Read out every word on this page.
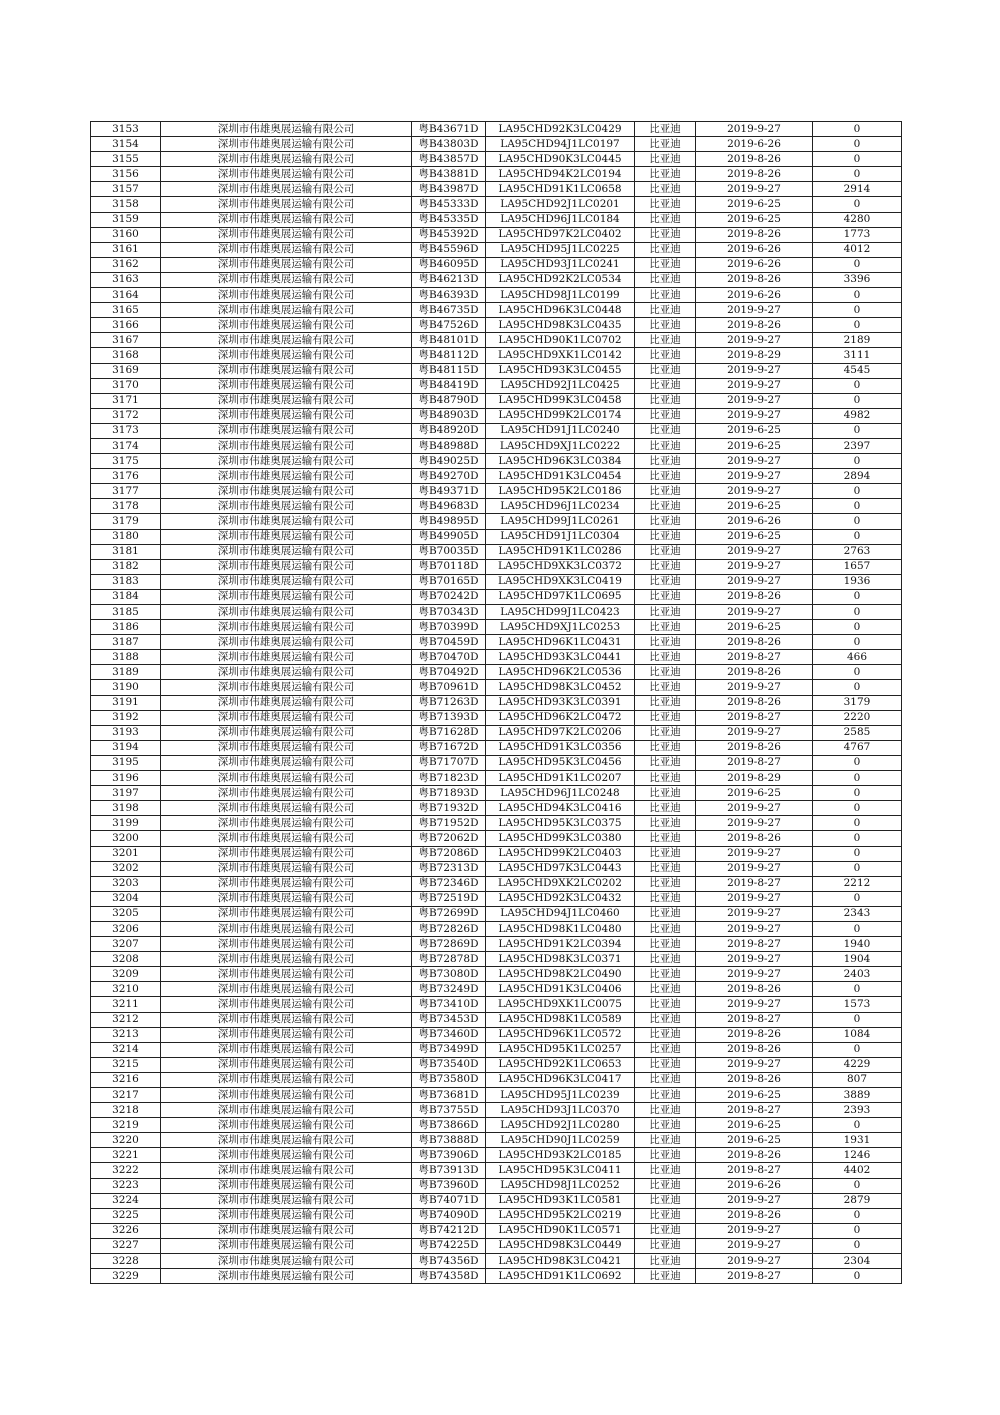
3153	深圳市伟雄奥展运输有限公司	粤B43671D	LA95CHD92K3LC0429	比亚迪	2019-9-27	0
3154	深圳市伟雄奥展运输有限公司	粤B43803D	LA95CHD94J1LC0197	比亚迪	2019-6-26	0
3155	深圳市伟雄奥展运输有限公司	粤B43857D	LA95CHD90K3LC0445	比亚迪	2019-8-26	0
3156	深圳市伟雄奥展运输有限公司	粤B43881D	LA95CHD94K2LC0194	比亚迪	2019-8-26	0
3157	深圳市伟雄奥展运输有限公司	粤B43987D	LA95CHD91K1LC0658	比亚迪	2019-9-27	2914
3158	深圳市伟雄奥展运输有限公司	粤B45333D	LA95CHD92J1LC0201	比亚迪	2019-6-25	0
3159	深圳市伟雄奥展运输有限公司	粤B45335D	LA95CHD96J1LC0184	比亚迪	2019-6-25	4280
3160	深圳市伟雄奥展运输有限公司	粤B45392D	LA95CHD97K2LC0402	比亚迪	2019-8-26	1773
3161	深圳市伟雄奥展运输有限公司	粤B45596D	LA95CHD95J1LC0225	比亚迪	2019-6-26	4012
3162	深圳市伟雄奥展运输有限公司	粤B46095D	LA95CHD93J1LC0241	比亚迪	2019-6-26	0
3163	深圳市伟雄奥展运输有限公司	粤B46213D	LA95CHD92K2LC0534	比亚迪	2019-8-26	3396
3164	深圳市伟雄奥展运输有限公司	粤B46393D	LA95CHD98J1LC0199	比亚迪	2019-6-26	0
3165	深圳市伟雄奥展运输有限公司	粤B46735D	LA95CHD96K3LC0448	比亚迪	2019-9-27	0
3166	深圳市伟雄奥展运输有限公司	粤B47526D	LA95CHD98K3LC0435	比亚迪	2019-8-26	0
3167	深圳市伟雄奥展运输有限公司	粤B48101D	LA95CHD90K1LC0702	比亚迪	2019-9-27	2189
3168	深圳市伟雄奥展运输有限公司	粤B48112D	LA95CHD9XK1LC0142	比亚迪	2019-8-29	3111
3169	深圳市伟雄奥展运输有限公司	粤B48115D	LA95CHD93K3LC0455	比亚迪	2019-9-27	4545
3170	深圳市伟雄奥展运输有限公司	粤B48419D	LA95CHD92J1LC0425	比亚迪	2019-9-27	0
3171	深圳市伟雄奥展运输有限公司	粤B48790D	LA95CHD99K3LC0458	比亚迪	2019-9-27	0
3172	深圳市伟雄奥展运输有限公司	粤B48903D	LA95CHD99K2LC0174	比亚迪	2019-9-27	4982
3173	深圳市伟雄奥展运输有限公司	粤B48920D	LA95CHD91J1LC0240	比亚迪	2019-6-25	0
3174	深圳市伟雄奥展运输有限公司	粤B48988D	LA95CHD9XJ1LC0222	比亚迪	2019-6-25	2397
3175	深圳市伟雄奥展运输有限公司	粤B49025D	LA95CHD96K3LC0384	比亚迪	2019-9-27	0
3176	深圳市伟雄奥展运输有限公司	粤B49270D	LA95CHD91K3LC0454	比亚迪	2019-9-27	2894
3177	深圳市伟雄奥展运输有限公司	粤B49371D	LA95CHD95K2LC0186	比亚迪	2019-9-27	0
3178	深圳市伟雄奥展运输有限公司	粤B49683D	LA95CHD96J1LC0234	比亚迪	2019-6-25	0
3179	深圳市伟雄奥展运输有限公司	粤B49895D	LA95CHD99J1LC0261	比亚迪	2019-6-26	0
3180	深圳市伟雄奥展运输有限公司	粤B49905D	LA95CHD91J1LC0304	比亚迪	2019-6-25	0
3181	深圳市伟雄奥展运输有限公司	粤B70035D	LA95CHD91K1LC0286	比亚迪	2019-9-27	2763
3182	深圳市伟雄奥展运输有限公司	粤B70118D	LA95CHD9XK3LC0372	比亚迪	2019-9-27	1657
3183	深圳市伟雄奥展运输有限公司	粤B70165D	LA95CHD9XK3LC0419	比亚迪	2019-9-27	1936
3184	深圳市伟雄奥展运输有限公司	粤B70242D	LA95CHD97K1LC0695	比亚迪	2019-8-26	0
3185	深圳市伟雄奥展运输有限公司	粤B70343D	LA95CHD99J1LC0423	比亚迪	2019-9-27	0
3186	深圳市伟雄奥展运输有限公司	粤B70399D	LA95CHD9XJ1LC0253	比亚迪	2019-6-25	0
3187	深圳市伟雄奥展运输有限公司	粤B70459D	LA95CHD96K1LC0431	比亚迪	2019-8-26	0
3188	深圳市伟雄奥展运输有限公司	粤B70470D	LA95CHD93K3LC0441	比亚迪	2019-8-27	466
3189	深圳市伟雄奥展运输有限公司	粤B70492D	LA95CHD96K2LC0536	比亚迪	2019-8-26	0
3190	深圳市伟雄奥展运输有限公司	粤B70961D	LA95CHD98K3LC0452	比亚迪	2019-9-27	0
3191	深圳市伟雄奥展运输有限公司	粤B71263D	LA95CHD93K3LC0391	比亚迪	2019-8-26	3179
3192	深圳市伟雄奥展运输有限公司	粤B71393D	LA95CHD96K2LC0472	比亚迪	2019-8-27	2220
3193	深圳市伟雄奥展运输有限公司	粤B71628D	LA95CHD97K2LC0206	比亚迪	2019-9-27	2585
3194	深圳市伟雄奥展运输有限公司	粤B71672D	LA95CHD91K3LC0356	比亚迪	2019-8-26	4767
3195	深圳市伟雄奥展运输有限公司	粤B71707D	LA95CHD95K3LC0456	比亚迪	2019-8-27	0
3196	深圳市伟雄奥展运输有限公司	粤B71823D	LA95CHD91K1LC0207	比亚迪	2019-8-29	0
3197	深圳市伟雄奥展运输有限公司	粤B71893D	LA95CHD96J1LC0248	比亚迪	2019-6-25	0
3198	深圳市伟雄奥展运输有限公司	粤B71932D	LA95CHD94K3LC0416	比亚迪	2019-9-27	0
3199	深圳市伟雄奥展运输有限公司	粤B71952D	LA95CHD95K3LC0375	比亚迪	2019-9-27	0
3200	深圳市伟雄奥展运输有限公司	粤B72062D	LA95CHD99K3LC0380	比亚迪	2019-8-26	0
3201	深圳市伟雄奥展运输有限公司	粤B72086D	LA95CHD99K2LC0403	比亚迪	2019-9-27	0
3202	深圳市伟雄奥展运输有限公司	粤B72313D	LA95CHD97K3LC0443	比亚迪	2019-9-27	0
3203	深圳市伟雄奥展运输有限公司	粤B72346D	LA95CHD9XK2LC0202	比亚迪	2019-8-27	2212
3204	深圳市伟雄奥展运输有限公司	粤B72519D	LA95CHD92K3LC0432	比亚迪	2019-9-27	0
3205	深圳市伟雄奥展运输有限公司	粤B72699D	LA95CHD94J1LC0460	比亚迪	2019-9-27	2343
3206	深圳市伟雄奥展运输有限公司	粤B72826D	LA95CHD98K1LC0480	比亚迪	2019-9-27	0
3207	深圳市伟雄奥展运输有限公司	粤B72869D	LA95CHD91K2LC0394	比亚迪	2019-8-27	1940
3208	深圳市伟雄奥展运输有限公司	粤B72878D	LA95CHD98K3LC0371	比亚迪	2019-9-27	1904
3209	深圳市伟雄奥展运输有限公司	粤B73080D	LA95CHD98K2LC0490	比亚迪	2019-9-27	2403
3210	深圳市伟雄奥展运输有限公司	粤B73249D	LA95CHD91K3LC0406	比亚迪	2019-8-26	0
3211	深圳市伟雄奥展运输有限公司	粤B73410D	LA95CHD9XK1LC0075	比亚迪	2019-9-27	1573
3212	深圳市伟雄奥展运输有限公司	粤B73453D	LA95CHD98K1LC0589	比亚迪	2019-8-27	0
3213	深圳市伟雄奥展运输有限公司	粤B73460D	LA95CHD96K1LC0572	比亚迪	2019-8-26	1084
3214	深圳市伟雄奥展运输有限公司	粤B73499D	LA95CHD95K1LC0257	比亚迪	2019-8-26	0
3215	深圳市伟雄奥展运输有限公司	粤B73540D	LA95CHD92K1LC0653	比亚迪	2019-9-27	4229
3216	深圳市伟雄奥展运输有限公司	粤B73580D	LA95CHD96K3LC0417	比亚迪	2019-8-26	807
3217	深圳市伟雄奥展运输有限公司	粤B73681D	LA95CHD95J1LC0239	比亚迪	2019-6-25	3889
3218	深圳市伟雄奥展运输有限公司	粤B73755D	LA95CHD93J1LC0370	比亚迪	2019-8-27	2393
3219	深圳市伟雄奥展运输有限公司	粤B73866D	LA95CHD92J1LC0280	比亚迪	2019-6-25	0
3220	深圳市伟雄奥展运输有限公司	粤B73888D	LA95CHD90J1LC0259	比亚迪	2019-6-25	1931
3221	深圳市伟雄奥展运输有限公司	粤B73906D	LA95CHD93K2LC0185	比亚迪	2019-8-26	1246
3222	深圳市伟雄奥展运输有限公司	粤B73913D	LA95CHD95K3LC0411	比亚迪	2019-8-27	4402
3223	深圳市伟雄奥展运输有限公司	粤B73960D	LA95CHD98J1LC0252	比亚迪	2019-6-26	0
3224	深圳市伟雄奥展运输有限公司	粤B74071D	LA95CHD93K1LC0581	比亚迪	2019-9-27	2879
3225	深圳市伟雄奥展运输有限公司	粤B74090D	LA95CHD95K2LC0219	比亚迪	2019-8-26	0
3226	深圳市伟雄奥展运输有限公司	粤B74212D	LA95CHD90K1LC0571	比亚迪	2019-9-27	0
3227	深圳市伟雄奥展运输有限公司	粤B74225D	LA95CHD98K3LC0449	比亚迪	2019-9-27	0
3228	深圳市伟雄奥展运输有限公司	粤B74356D	LA95CHD98K3LC0421	比亚迪	2019-9-27	2304
3229	深圳市伟雄奥展运输有限公司	粤B74358D	LA95CHD91K1LC0692	比亚迪	2019-8-27	0
